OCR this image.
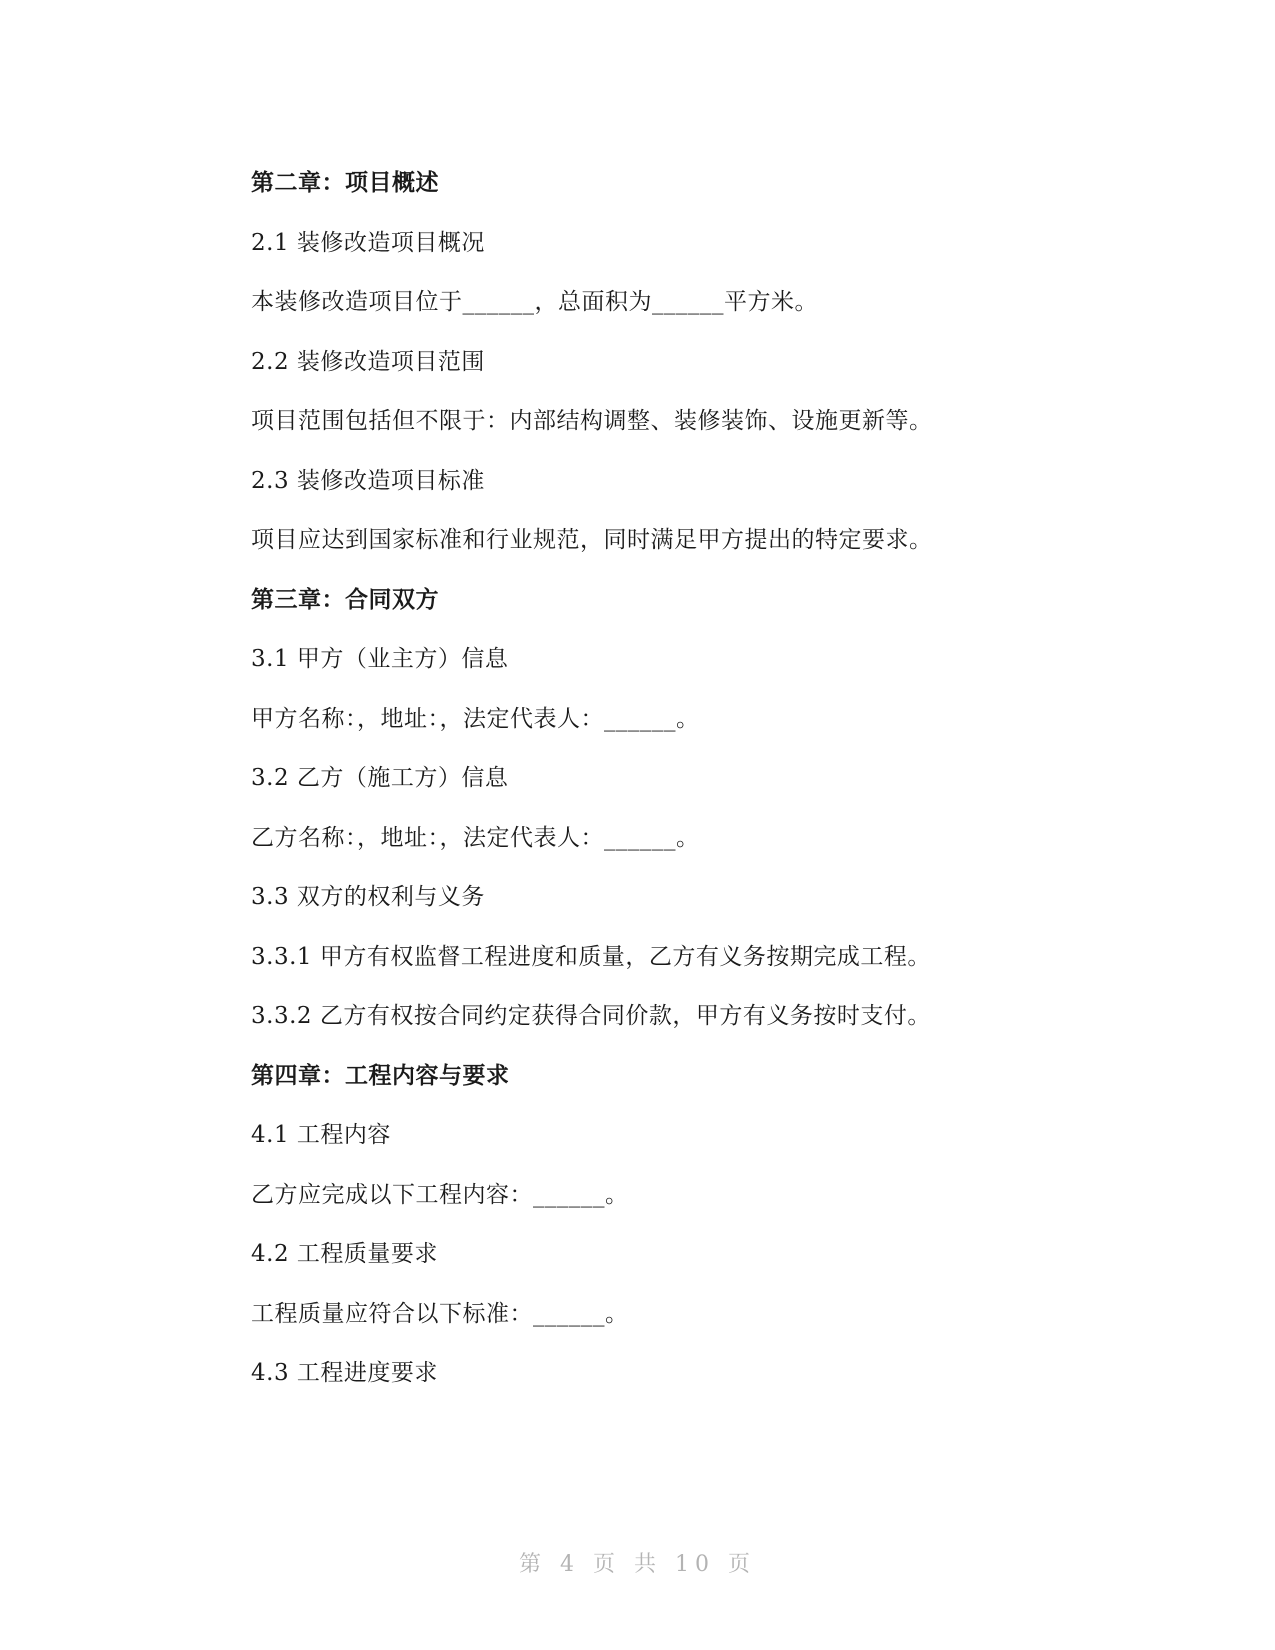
第二章：项目概述
2.1 装修改造项目概况
本装修改造项目位于______，总面积为______平方米。
2.2 装修改造项目范围
项目范围包括但不限于：内部结构调整、装修装饰、设施更新等。
2.3 装修改造项目标准
项目应达到国家标准和行业规范，同时满足甲方提出的特定要求。
第三章：合同双方
3.1 甲方（业主方）信息
甲方名称：，地址：，法定代表人：______。
3.2 乙方（施工方）信息
乙方名称：，地址：，法定代表人：______。
3.3 双方的权利与义务
3.3.1 甲方有权监督工程进度和质量，乙方有义务按期完成工程。
3.3.2 乙方有权按合同约定获得合同价款，甲方有义务按时支付。
第四章：工程内容与要求
4.1 工程内容
乙方应完成以下工程内容：______。
4.2 工程质量要求
工程质量应符合以下标准：______。
4.3 工程进度要求
第 4 页 共 10 页
